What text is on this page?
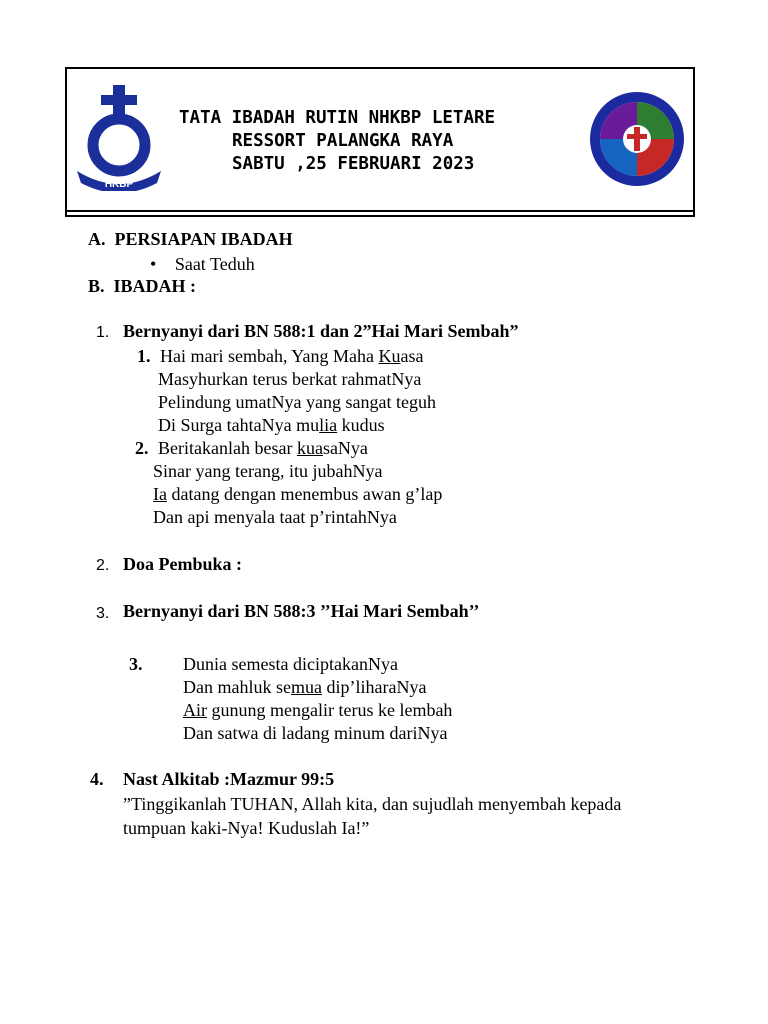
HKBP
TATA IBADAH RUTIN NHKBP LETARE
RESSORT PALANGKA RAYA
SABTU ,25 FEBRUARI 2023
A. PERSIAPAN IBADAH
• Saat Teduh
B. IBADAH :
1. Bernyanyi dari BN 588:1 dan 2”Hai Mari Sembah”
1. Hai mari sembah, Yang Maha Kuasa
Masyhurkan terus berkat rahmatNya
Pelindung umatNya yang sangat teguh
Di Surga tahtaNya mulia kudus
2. Beritakanlah besar kuasaNya
Sinar yang terang, itu jubahNya
Ia datang dengan menembus awan g’lap
Dan api menyala taat p’rintahNya
2. Doa Pembuka :
3. Bernyanyi dari BN 588:3 ’’Hai Mari Sembah’’
3. Dunia semesta diciptakanNya
Dan mahluk semua dip’liharaNya
Air gunung mengalir terus ke lembah
Dan satwa di ladang minum dariNya
4. Nast Alkitab :Mazmur 99:5
”Tinggikanlah TUHAN, Allah kita, dan sujudlah menyembah kepada
tumpuan kaki-Nya! Kuduslah Ia!”
